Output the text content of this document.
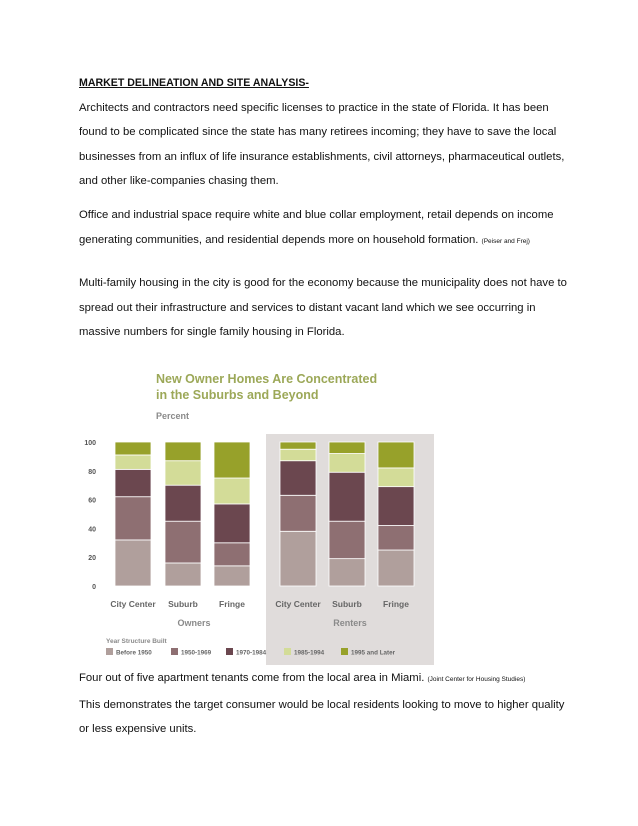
MARKET DELINEATION AND SITE ANALYSIS-
Architects and contractors need specific licenses to practice in the state of Florida. It has been found to be complicated since the state has many retirees incoming; they have to save the local businesses from an influx of life insurance establishments, civil attorneys, pharmaceutical outlets, and other like-companies chasing them.
Office and industrial space require white and blue collar employment, retail depends on income generating communities, and residential depends more on household formation. (Peiser and Frej)
Multi-family housing in the city is good for the economy because the municipality does not have to spread out their infrastructure and services to distant vacant land which we see occurring in massive numbers for single family housing in Florida.
New Owner Homes Are Concentrated
in the Suburbs and Beyond
Percent
100
80
60
40
20
0
City Center Suburb Fringe	City Center Suburb Fringe
Owners	Renters
Year Structure Built
Before 1950	1950-1969	1970-1984	1985-1994	1995 and Later
Four out of five apartment tenants come from the local area in Miami. (Joint Center for Housing Studies)
This demonstrates the target consumer would be local residents looking to move to higher quality or less expensive units.
